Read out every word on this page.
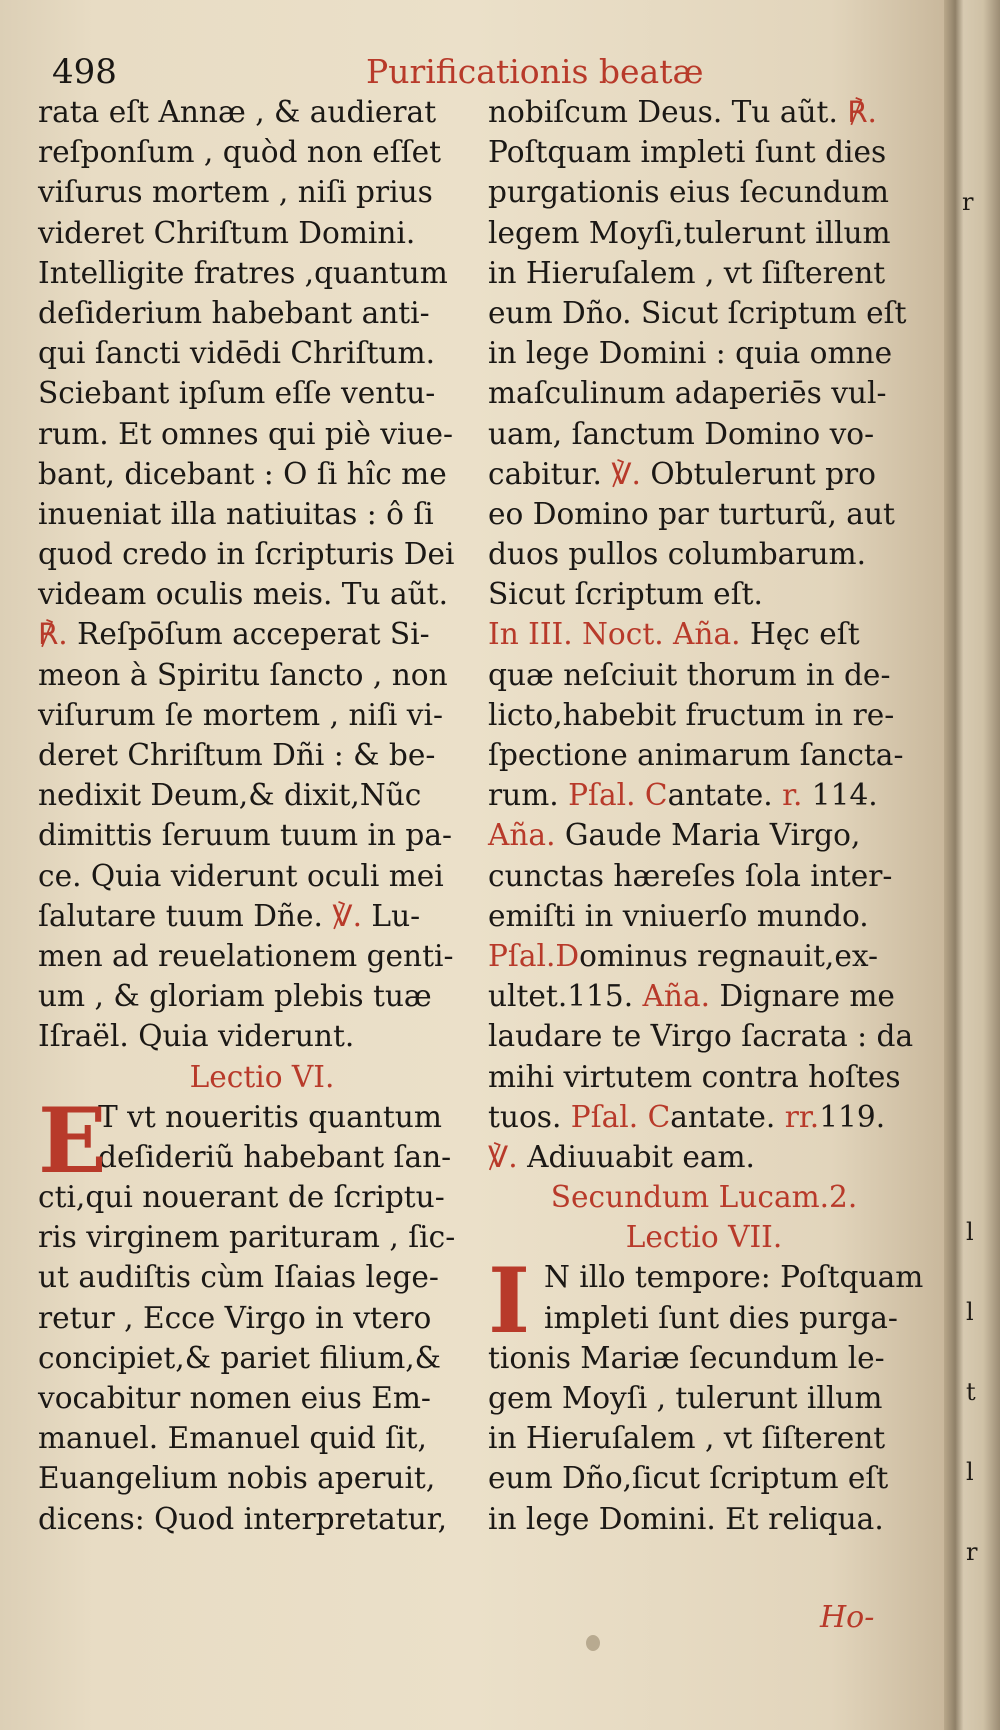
498	Purificationis beatæ
rata eſt Annæ , & audierat
reſponſum , quòd non eſſet
viſurus mortem , niſi prius
videret Chriſtum Domini.
Intelligite fratres ,quantum
deſiderium habebant anti-
qui ſancti vidēdi Chriſtum.
Sciebant ipſum eſſe ventu-
rum. Et omnes qui piè viue-
bant, dicebant : O ſi hîc me
inueniat illa natiuitas : ô ſi
quod credo in ſcripturis Dei
videam oculis meis. Tu aũt.
℟. Reſpōſum acceperat Si-
meon à Spiritu ſancto , non
viſurum ſe mortem , niſi vi-
deret Chriſtum Dñi : & be-
nedixit Deum,& dixit,Nũc
dimittis ſeruum tuum in pa-
ce. Quia viderunt oculi mei
ſalutare tuum Dñe. ℣. Lu-
men ad reuelationem genti-
um , & gloriam plebis tuæ
Iſraël. Quia viderunt.
Lectio VI.
E
T vt noueritis quantum
deſideriũ habebant ſan-
cti,qui nouerant de ſcriptu-
ris virginem parituram , ſic-
ut audiſtis cùm Iſaias lege-
retur , Ecce Virgo in vtero
concipiet,& pariet filium,&
vocabitur nomen eius Em-
manuel. Emanuel quid ſit,
Euangelium nobis aperuit,
dicens: Quod interpretatur,
nobiſcum Deus. Tu aũt. ℟.
Poſtquam impleti ſunt dies
purgationis eius ſecundum
legem Moyſi,tulerunt illum
in Hieruſalem , vt ſiſterent
eum Dño. Sicut ſcriptum eſt
in lege Domini : quia omne
maſculinum adaperiēs vul-
uam, ſanctum Domino vo-
cabitur. ℣. Obtulerunt pro
eo Domino par turturũ, aut
duos pullos columbarum.
Sicut ſcriptum eſt.
In III. Noct. Aña. Hęc eſt
quæ neſciuit thorum in de-
licto,habebit fructum in re-
ſpectione animarum ſancta-
rum. Pſal. Cantate. r. 114.
Aña. Gaude Maria Virgo,
cunctas hæreſes ſola inter-
emiſti in vniuerſo mundo.
Pſal.Dominus regnauit,ex-
ultet.115. Aña. Dignare me
laudare te Virgo ſacrata : da
mihi virtutem contra hoſtes
tuos. Pſal. Cantate. rr.119.
℣. Adiuuabit eam.
Secundum Lucam.2.
Lectio VII.
I N illo tempore: Poſtquam
impleti ſunt dies purga-
tionis Mariæ ſecundum le-
gem Moyſi , tulerunt illum
in Hieruſalem , vt ſiſterent
eum Dño,ſicut ſcriptum eſt
in lege Domini. Et reliqua.
Ho-
r
l
l
t
l
r
